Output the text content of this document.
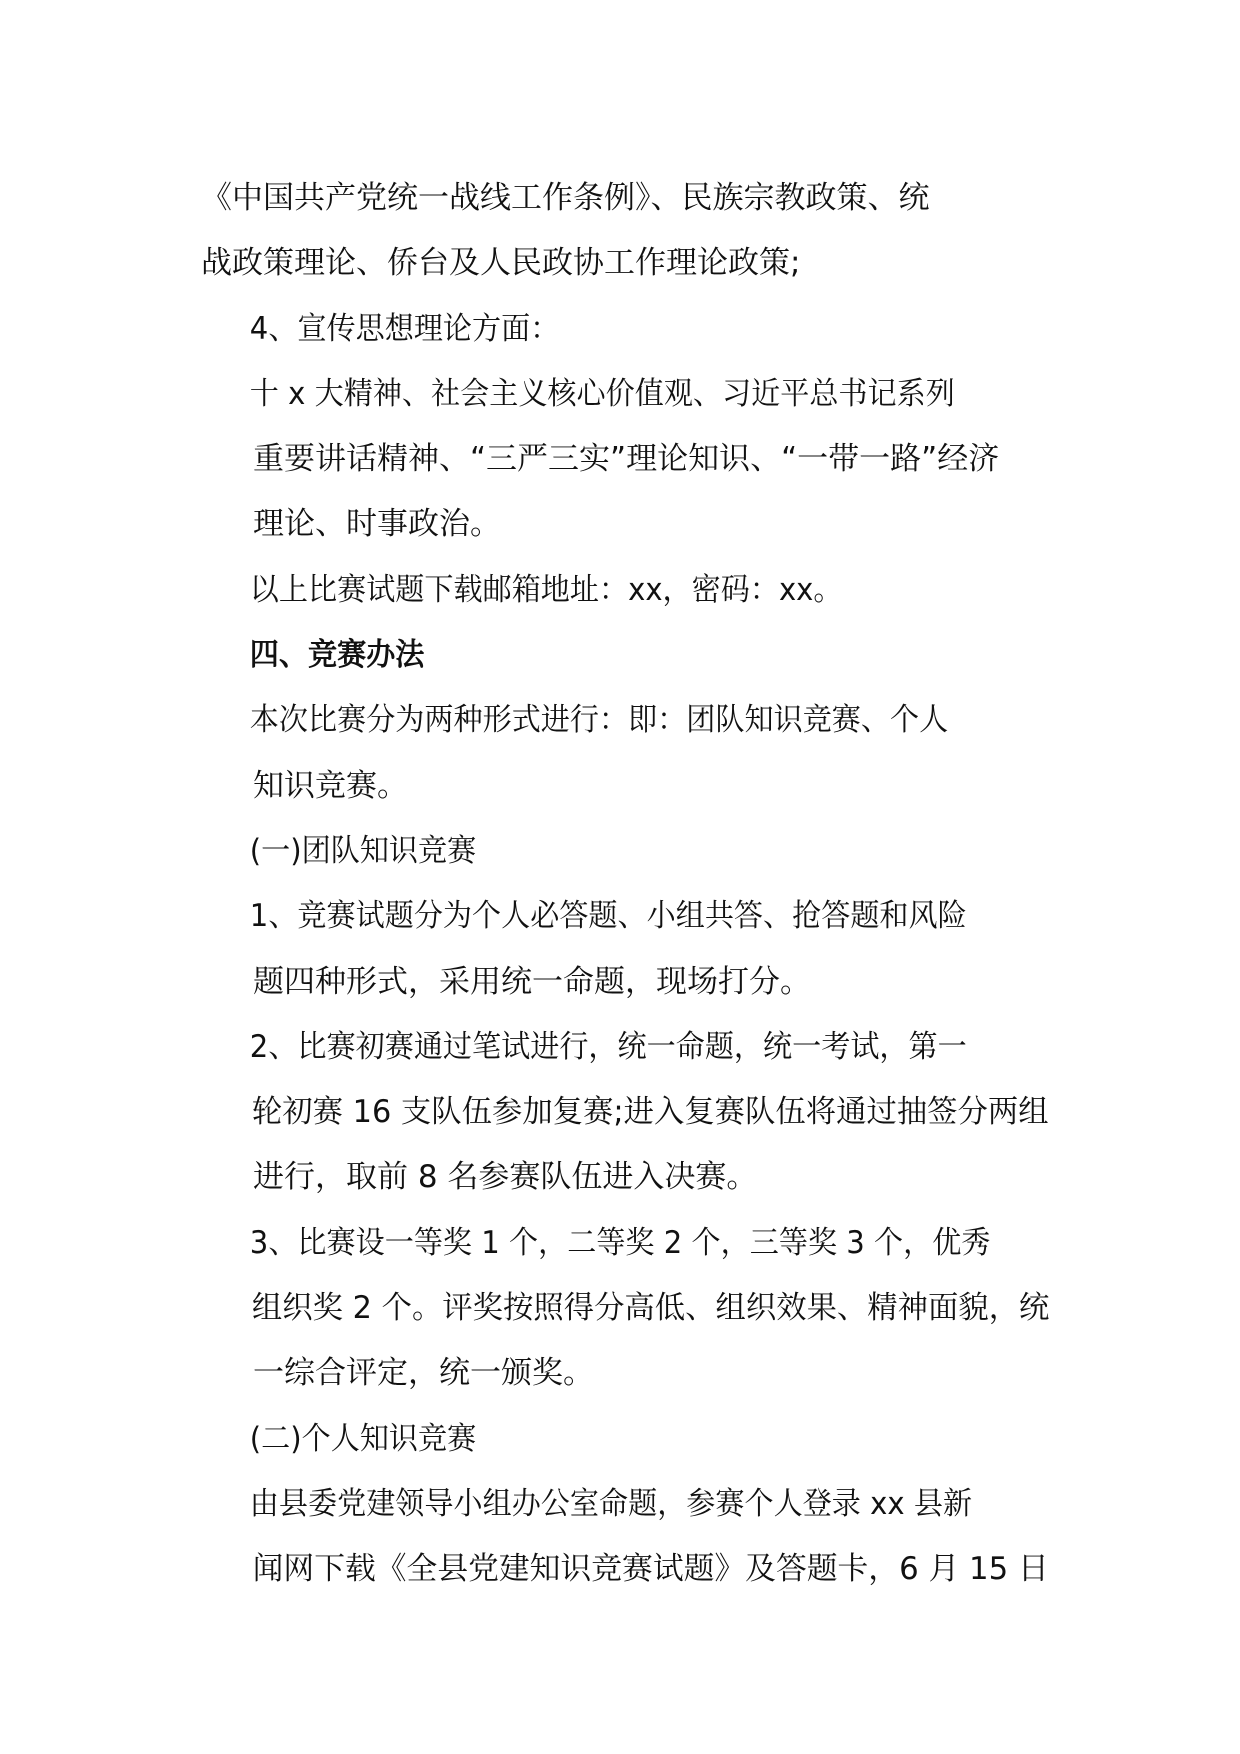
《中国共产党统一战线工作条例》、民族宗教政策、统
战政策理论、侨台及人民政协工作理论政策;

4、宣传思想理论方面：

十 x 大精神、社会主义核心价值观、习近平总书记系列
重要讲话精神、“三严三实”理论知识、“一带一路”经济
理论、时事政治。

以上比赛试题下载邮箱地址：xx，密码：xx。

四、竞赛办法

本次比赛分为两种形式进行：即：团队知识竞赛、个人
知识竞赛。

(一)团队知识竞赛

1、竞赛试题分为个人必答题、小组共答、抢答题和风险
题四种形式，采用统一命题，现场打分。

2、比赛初赛通过笔试进行，统一命题，统一考试，第一
轮初赛 16 支队伍参加复赛;进入复赛队伍将通过抽签分两组
进行，取前 8 名参赛队伍进入决赛。

3、比赛设一等奖 1 个，二等奖 2 个，三等奖 3 个，优秀
组织奖 2 个。评奖按照得分高低、组织效果、精神面貌，统
一综合评定，统一颁奖。

(二)个人知识竞赛

由县委党建领导小组办公室命题，参赛个人登录 xx 县新
闻网下载《全县党建知识竞赛试题》及答题卡，6 月 15 日
